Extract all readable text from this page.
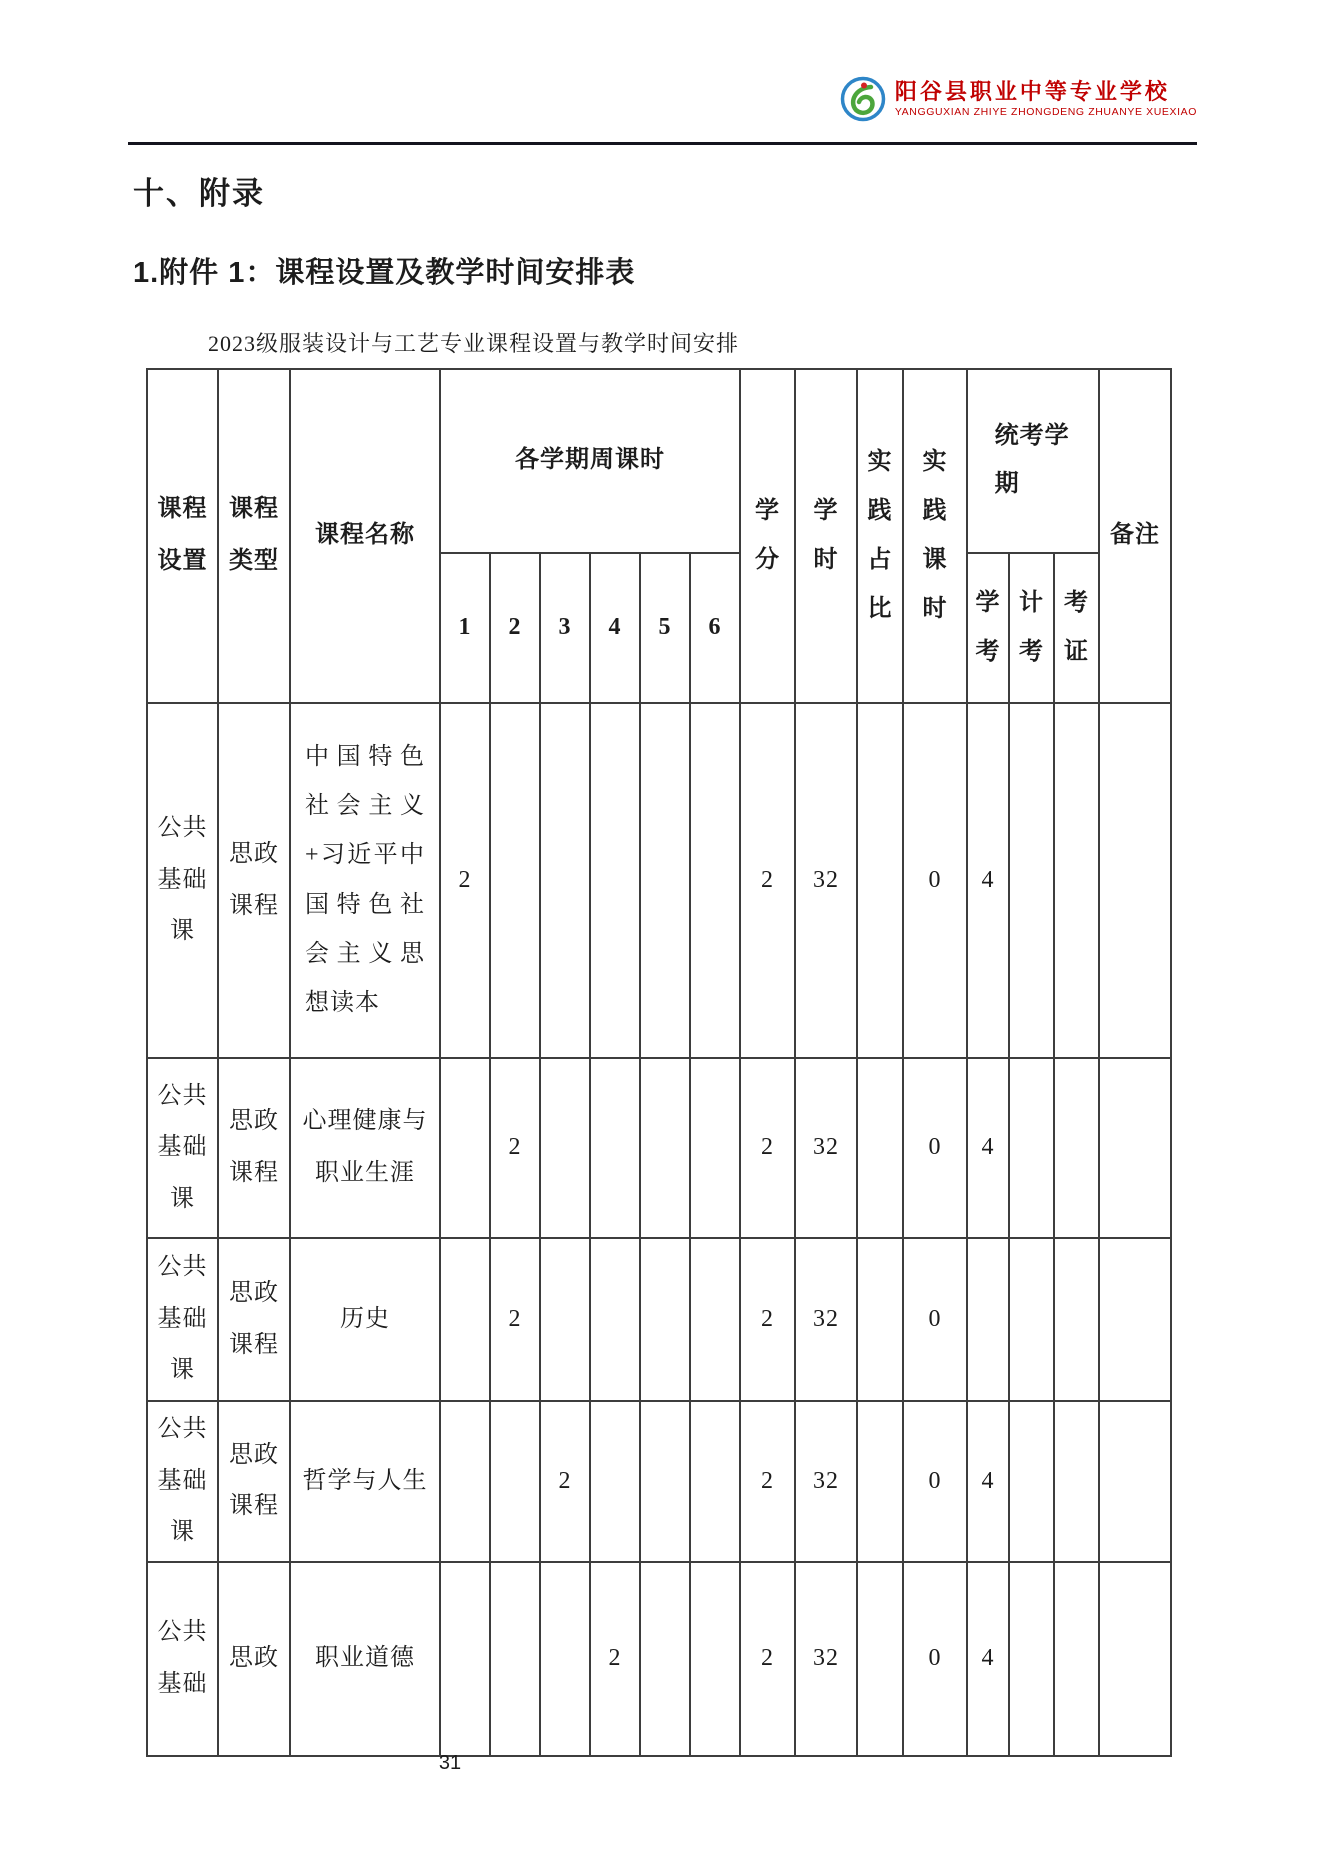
阳谷县职业中等专业学校
YANGGUXIAN ZHIYE ZHONGDENG ZHUANYE XUEXIAO
十、附录
1.附件 1：课程设置及教学时间安排表
2023级服装设计与工艺专业课程设置与教学时间安排
课程设置	课程类型	课程名称	各学期周课时						学分	学时	实践占比	实践课时	统考学期			备注
			1	2	3	4	5	6					学考	计考	考证	
公共基础课	思政课程	中国特色社会主义+习近平中国特色社会主义思想读本	2						2	32		0	4			
公共基础课	思政课程	心理健康与职业生涯		2					2	32		0	4			
公共基础课	思政课程	历史		2					2	32		0				
公共基础课	思政课程	哲学与人生			2				2	32		0	4			
公共基础	思政	职业道德				2			2	32		0	4			
31
